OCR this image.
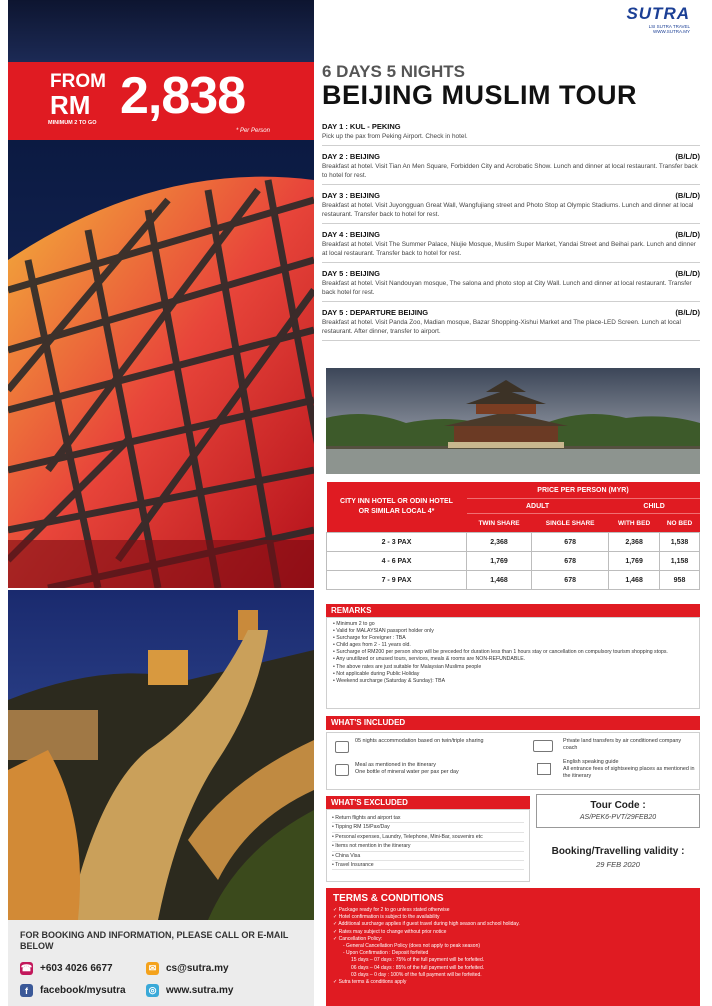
FROM
RM 2,838
MINIMUM 2 TO GO
* Per Person
FOR BOOKING AND INFORMATION, PLEASE CALL OR E-MAIL BELOW
☎ +603 4026 6677	✉ cs@sutra.my
f	facebook/mysutra	◎ www.sutra.my
SUTRA
LSI SUTRA TRAVEL
WWW.SUTRA.MY
6 DAYS 5 NIGHTS
BEIJING MUSLIM TOUR
DAY 1 : KUL - PEKING
Pick up the pax from Peking Airport. Check in hotel.
DAY 2 : BEIJING	(B/L/D)
Breakfast at hotel. Visit Tian An Men Square, Forbidden City and Acrobatic Show. Lunch and dinner at local restaurant. Transfer back to hotel for rest.
DAY 3 : BEIJING	(B/L/D)
Breakfast at hotel. Visit Juyongguan Great Wall, Wangfujiang street and Photo Stop at Olympic Stadiums. Lunch and dinner at local restaurant. Transfer back to hotel for rest.
DAY 4 : BEIJING	(B/L/D)
Breakfast at hotel. Visit The Summer Palace, Niujie Mosque, Muslim Super Market, Yandai Street and Beihai park. Lunch and dinner at local restaurant. Transfer back to hotel for rest.
DAY 5 : BEIJING	(B/L/D)
Breakfast at hotel. Visit Nandouyan mosque, The salona and photo stop at City Wall. Lunch and dinner at local restaurant. Transfer back hotel for rest.
DAY 5 : DEPARTURE BEIJING	(B/L/D)
Breakfast at hotel. Visit Panda Zoo, Madian mosque, Bazar Shopping-Xishui Market and The place-LED Screen. Lunch at local restaurant. After dinner, transfer to airport.
CITY INN HOTEL OR ODIN HOTEL OR SIMILAR LOCAL 4*	PRICE PER PERSON (MYR)			
	ADULT		CHILD	
	TWIN SHARE	SINGLE SHARE	WITH BED	NO BED
2 - 3 PAX	2,368	678	2,368	1,538
4 - 6 PAX	1,769	678	1,769	1,158
7 - 9 PAX	1,468	678	1,468	958
REMARKS
• Minimum 2 to go
• Valid for MALAYSIAN passport holder only
• Surcharge for Foreigner : TBA
• Child ages from 2 - 11 years old.
• Surcharge of RM200 per person shop will be preceded for duration less than 1 hours stay or cancellation on compulsory tourism shopping stops.
• Any unutilized or unused tours, services, meals & rooms are NON-REFUNDABLE.
• The above rates are just suitable for Malaysian Muslims people
• Not applicable during Public Holiday
• Weekend surcharge (Saturday & Sunday): TBA
WHAT'S INCLUDED
05 nights accommodation based on twin/triple sharing
Meal as mentioned in the itinerary
One bottle of mineral water per pax per day
Private land transfers by air conditioned company coach
English speaking guide
All entrance fees of sightseeing places as mentioned in the itinerary
WHAT'S EXCLUDED
• Return flights and airport tax
• Tipping RM 15/Pax/Day
• Personal expenses, Laundry, Telephone, Mini-Bar, souvenirs etc
• Items not mention in the itinerary
• China Visa
• Travel Insurance
Tour Code :
AS/PEK6-PVT/29FEB20
Booking/Travelling validity :
29 FEB 2020
TERMS & CONDITIONS
✓ Package ready for 2 to go unless stated otherwise
✓ Hotel confirmation is subject to the availability
✓ Additional surcharge applies if guest travel during high season and school holiday.
✓ Rates may subject to change without prior notice
✓ Cancellation Policy:
- General Cancellation Policy (does not apply to peak season)
- Upon Confirmation : Deposit forfeited
15 days – 07 days : 75% of the full payment will be forfeited.
06 days – 04 days : 85% of the full payment will be forfeited.
03 days – 0 day : 100% of the full payment will be forfeited.
✓ Sutra terms & conditions apply
